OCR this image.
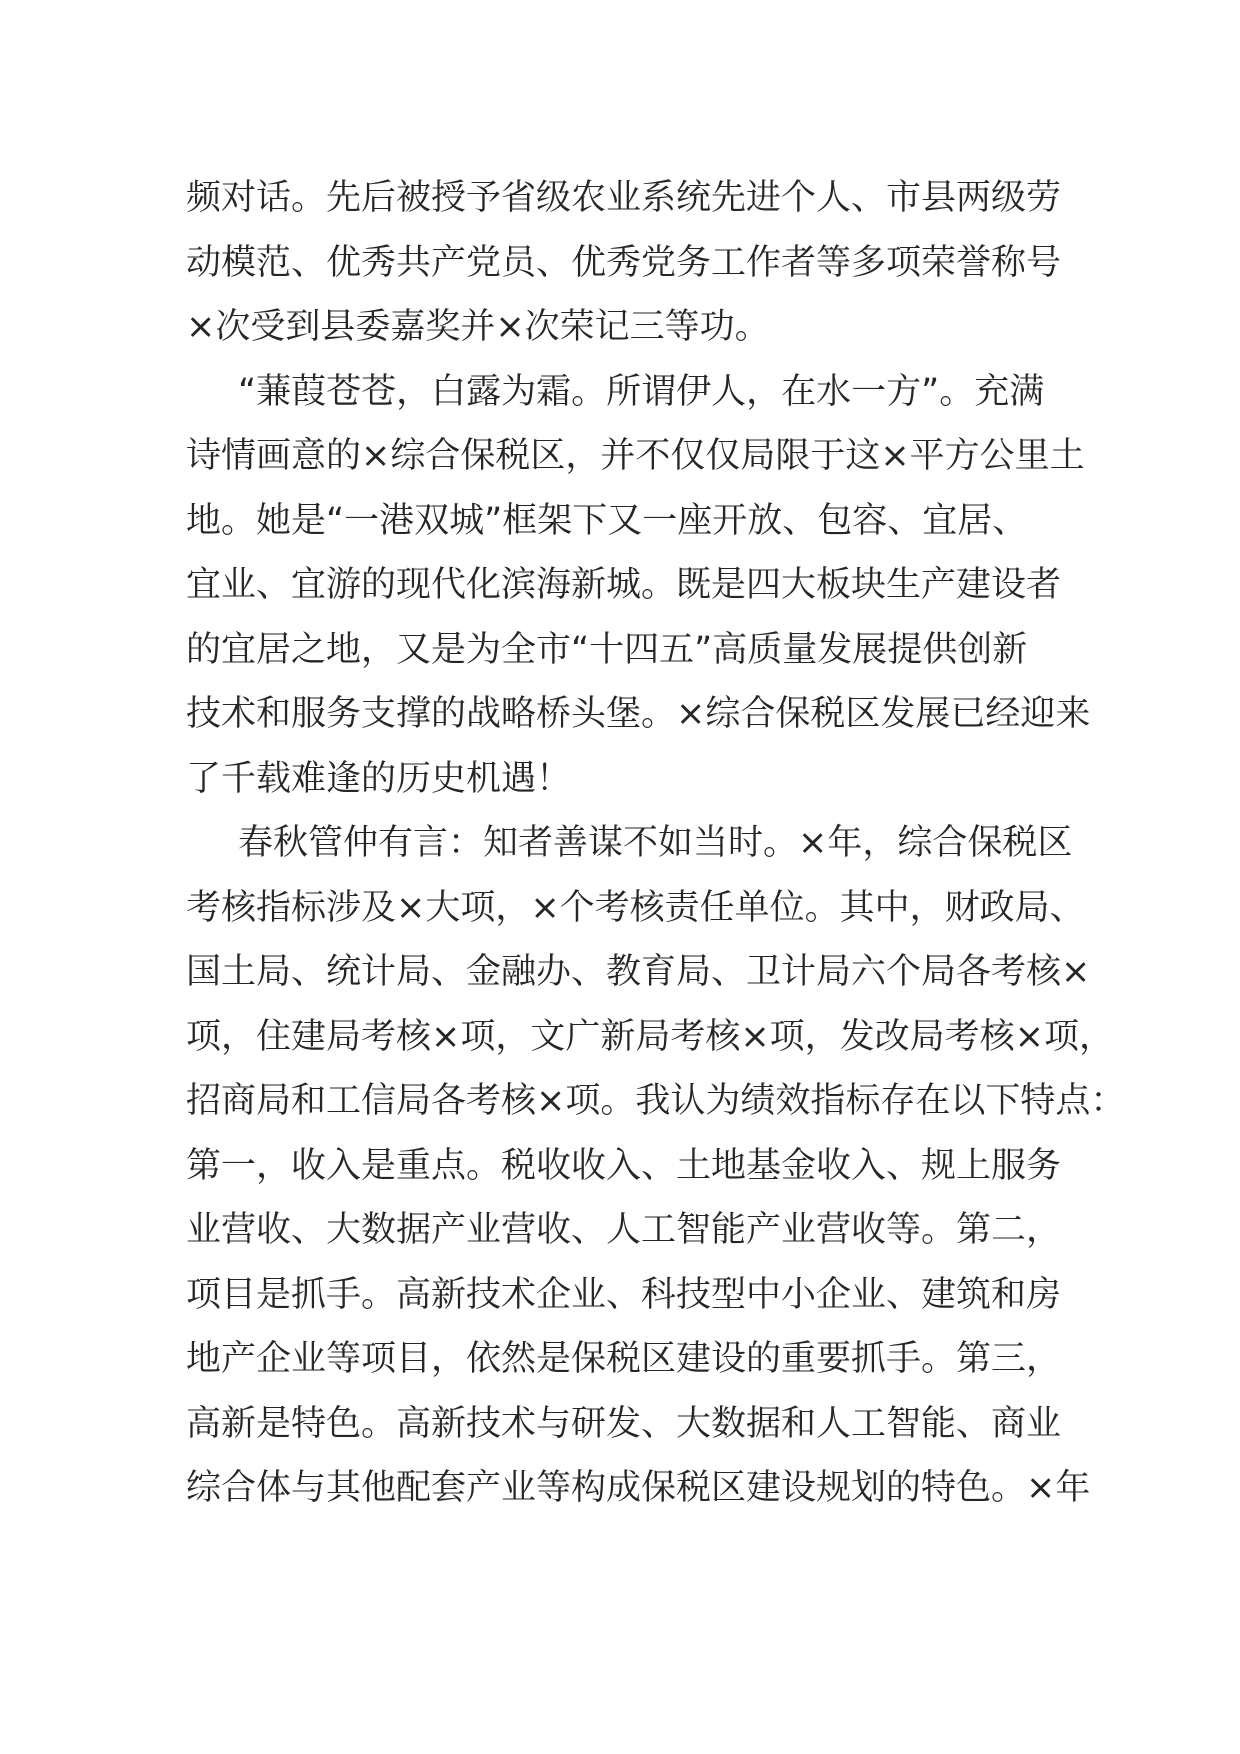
频对话。先后被授予省级农业系统先进个人、市县两级劳
动模范、优秀共产党员、优秀党务工作者等多项荣誉称号
×次受到县委嘉奖并×次荣记三等功。
“蒹葭苍苍，白露为霜。所谓伊人，在水一方”。充满
诗情画意的×综合保税区，并不仅仅局限于这×平方公里土
地。她是“一港双城”框架下又一座开放、包容、宜居、
宜业、宜游的现代化滨海新城。既是四大板块生产建设者
的宜居之地，又是为全市“十四五”高质量发展提供创新
技术和服务支撑的战略桥头堡。×综合保税区发展已经迎来
了千载难逢的历史机遇！
春秋管仲有言：知者善谋不如当时。×年，综合保税区
考核指标涉及×大项，×个考核责任单位。其中，财政局、
国土局、统计局、金融办、教育局、卫计局六个局各考核×
项，住建局考核×项，文广新局考核×项，发改局考核×项，
招商局和工信局各考核×项。我认为绩效指标存在以下特点：
第一，收入是重点。税收收入、土地基金收入、规上服务
业营收、大数据产业营收、人工智能产业营收等。第二，
项目是抓手。高新技术企业、科技型中小企业、建筑和房
地产企业等项目，依然是保税区建设的重要抓手。第三，
高新是特色。高新技术与研发、大数据和人工智能、商业
综合体与其他配套产业等构成保税区建设规划的特色。×年
